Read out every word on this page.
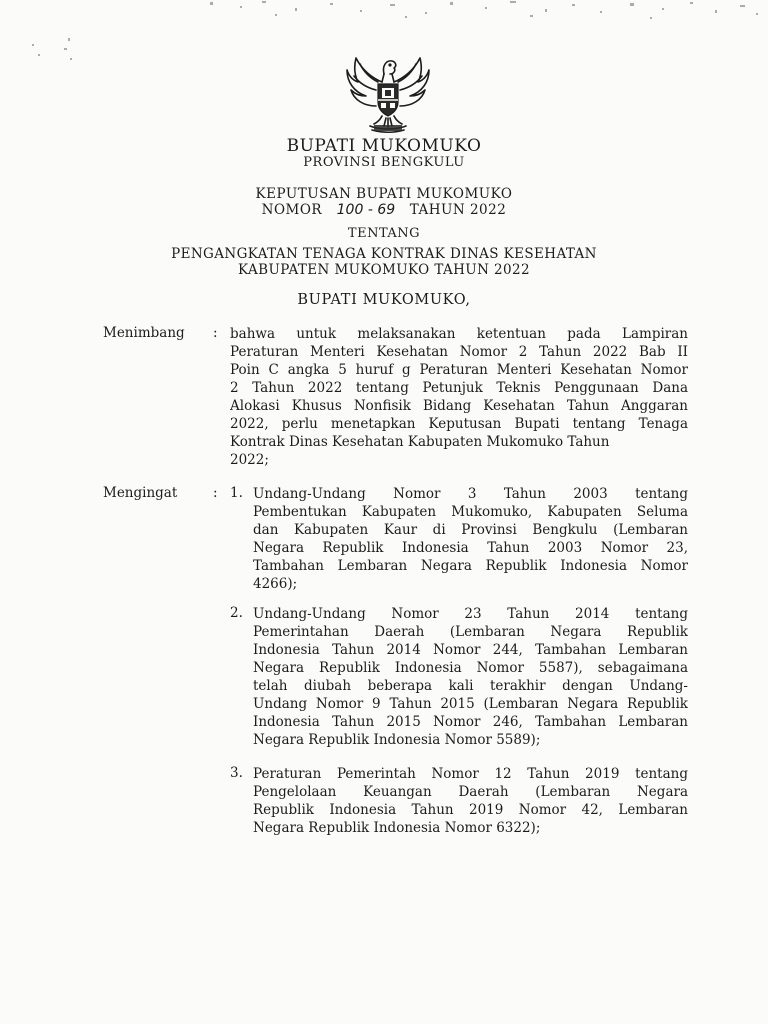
BUPATI MUKOMUKO
PROVINSI BENGKULU
KEPUTUSAN BUPATI MUKOMUKO
NOMOR 100 - 69 TAHUN 2022
TENTANG
PENGANGKATAN TENAGA KONTRAK DINAS KESEHATAN
KABUPATEN MUKOMUKO TAHUN 2022
BUPATI MUKOMUKO,
Menimbang : bahwa untuk melaksanakan ketentuan pada Lampiran
Peraturan Menteri Kesehatan Nomor 2 Tahun 2022 Bab II
Poin C angka 5 huruf g Peraturan Menteri Kesehatan Nomor
2 Tahun 2022 tentang Petunjuk Teknis Penggunaan Dana
Alokasi Khusus Nonfisik Bidang Kesehatan Tahun Anggaran
2022, perlu menetapkan Keputusan Bupati tentang Tenaga
Kontrak Dinas Kesehatan Kabupaten Mukomuko Tahun
2022;
Mengingat	: 1. Undang-Undang Nomor 3 Tahun 2003 tentang
Pembentukan Kabupaten Mukomuko, Kabupaten Seluma
dan Kabupaten Kaur di Provinsi Bengkulu (Lembaran
Negara Republik Indonesia Tahun 2003 Nomor 23,
Tambahan Lembaran Negara Republik Indonesia Nomor
4266);
2. Undang-Undang Nomor 23 Tahun 2014 tentang
Pemerintahan Daerah (Lembaran Negara Republik
Indonesia Tahun 2014 Nomor 244, Tambahan Lembaran
Negara Republik Indonesia Nomor 5587), sebagaimana
telah diubah beberapa kali terakhir dengan Undang-
Undang Nomor 9 Tahun 2015 (Lembaran Negara Republik
Indonesia Tahun 2015 Nomor 246, Tambahan Lembaran
Negara Republik Indonesia Nomor 5589);
3. Peraturan Pemerintah Nomor 12 Tahun 2019 tentang
Pengelolaan Keuangan Daerah (Lembaran Negara
Republik Indonesia Tahun 2019 Nomor 42, Lembaran
Negara Republik Indonesia Nomor 6322);
